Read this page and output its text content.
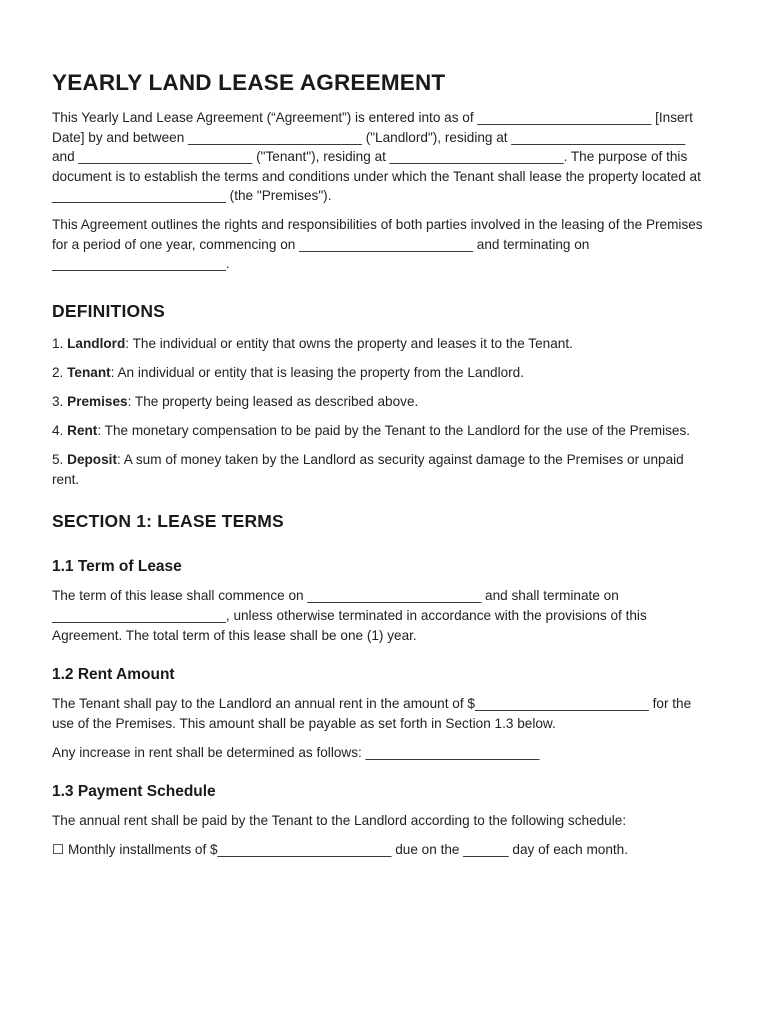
YEARLY LAND LEASE AGREEMENT

This Yearly Land Lease Agreement (“Agreement”) is entered into as of _______________________ [Insert Date] by and between _______________________ ("Landlord"), residing at _______________________ and _______________________ ("Tenant"), residing at _______________________. The purpose of this document is to establish the terms and conditions under which the Tenant shall lease the property located at _______________________ (the "Premises").

This Agreement outlines the rights and responsibilities of both parties involved in the leasing of the Premises for a period of one year, commencing on _______________________ and terminating on _______________________.

DEFINITIONS
1. Landlord: The individual or entity that owns the property and leases it to the Tenant.
2. Tenant: An individual or entity that is leasing the property from the Landlord.
3. Premises: The property being leased as described above.
4. Rent: The monetary compensation to be paid by the Tenant to the Landlord for the use of the Premises.
5. Deposit: A sum of money taken by the Landlord as security against damage to the Premises or unpaid rent.
SECTION 1: LEASE TERMS
1.1 Term of Lease

The term of this lease shall commence on _______________________ and shall terminate on _______________________, unless otherwise terminated in accordance with the provisions of this Agreement. The total term of this lease shall be one (1) year.

1.2 Rent Amount

The Tenant shall pay to the Landlord an annual rent in the amount of $_______________________ for the use of the Premises. This amount shall be payable as set forth in Section 1.3 below.

Any increase in rent shall be determined as follows: _______________________

1.3 Payment Schedule

The annual rent shall be paid by the Tenant to the Landlord according to the following schedule:

☐ Monthly installments of $_______________________ due on the ______ day of each month.
